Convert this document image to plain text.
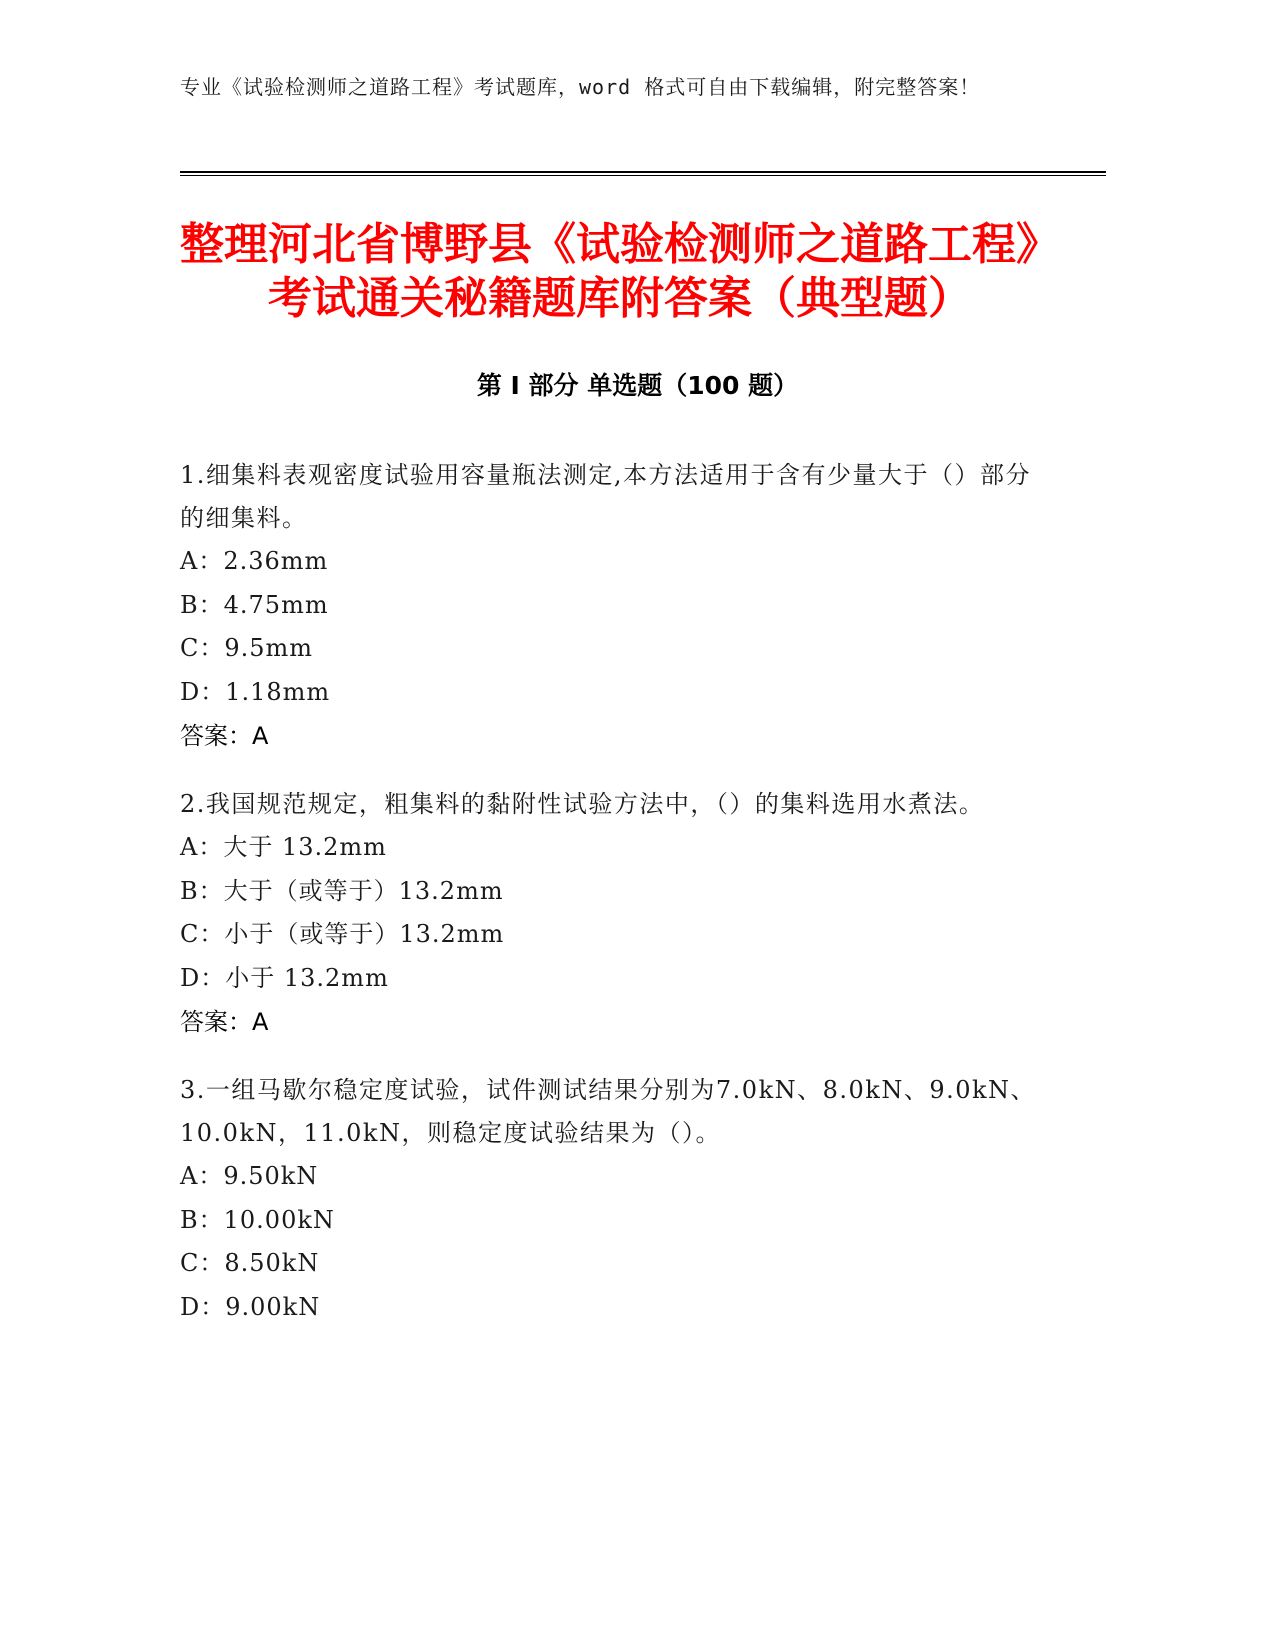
专业《试验检测师之道路工程》考试题库，word 格式可自由下载编辑，附完整答案！
整理河北省博野县《试验检测师之道路工程》考试通关秘籍题库附答案（典型题）
第 I 部分 单选题（100 题）

1.细集料表观密度试验用容量瓶法测定,本方法适用于含有少量大于（）部分的细集料。

A：2.36mm

B：4.75mm

C：9.5mm

D：1.18mm

答案：A

2.我国规范规定，粗集料的黏附性试验方法中，（）的集料选用水煮法。

A：大于 13.2mm

B：大于（或等于）13.2mm

C：小于（或等于）13.2mm

D：小于 13.2mm

答案：A

3.一组马歇尔稳定度试验，试件测试结果分别为7.0kN、8.0kN、9.0kN、10.0kN，11.0kN，则稳定度试验结果为（）。

A：9.50kN

B：10.00kN

C：8.50kN

D：9.00kN
